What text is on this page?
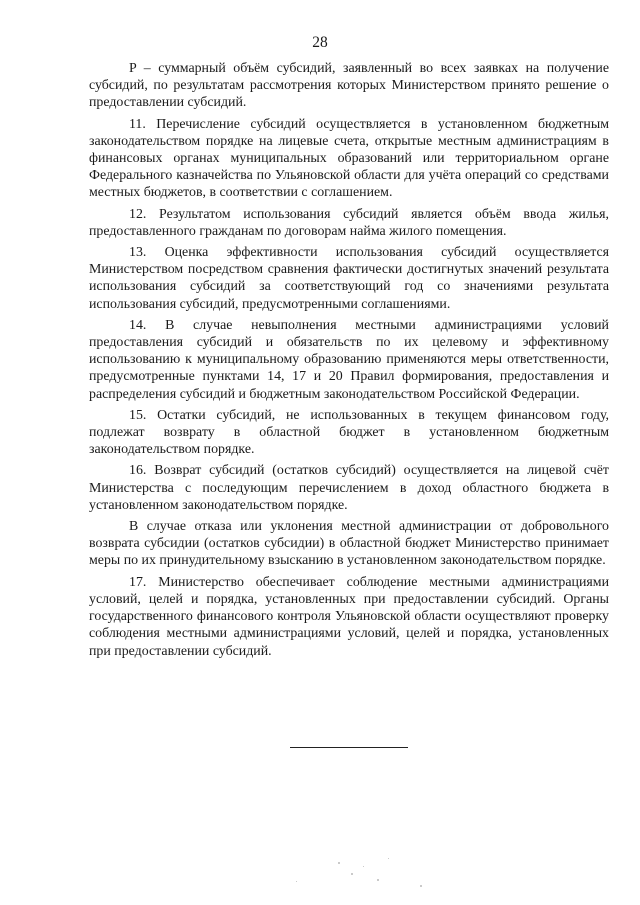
28

P – суммарный объём субсидий, заявленный во всех заявках на получение субсидий, по результатам рассмотрения которых Министерством принято решение о предоставлении субсидий.

11. Перечисление субсидий осуществляется в установленном бюджетным законодательством порядке на лицевые счета, открытые местным администрациям в финансовых органах муниципальных образований или территориальном органе Федерального казначейства по Ульяновской области для учёта операций со средствами местных бюджетов, в соответствии с соглашением.

12. Результатом использования субсидий является объём ввода жилья, предоставленного гражданам по договорам найма жилого помещения.

13. Оценка эффективности использования субсидий осуществляется Министерством посредством сравнения фактически достигнутых значений результата использования субсидий за соответствующий год со значениями результата использования субсидий, предусмотренными соглашениями.

14. В случае невыполнения местными администрациями условий предоставления субсидий и обязательств по их целевому и эффективному использованию к муниципальному образованию применяются меры ответственности, предусмотренные пунктами 14, 17 и 20 Правил формирования, предоставления и распределения субсидий и бюджетным законодательством Российской Федерации.

15. Остатки субсидий, не использованных в текущем финансовом году, подлежат возврату в областной бюджет в установленном бюджетным законодательством порядке.

16. Возврат субсидий (остатков субсидий) осуществляется на лицевой счёт Министерства с последующим перечислением в доход областного бюджета в установленном законодательством порядке.

В случае отказа или уклонения местной администрации от добровольного возврата субсидии (остатков субсидии) в областной бюджет Министерство принимает меры по их принудительному взысканию в установленном законодательством порядке.

17. Министерство обеспечивает соблюдение местными администрациями условий, целей и порядка, установленных при предоставлении субсидий. Органы государственного финансового контроля Ульяновской области осуществляют проверку соблюдения местными администрациями условий, целей и порядка, установленных при предоставлении субсидий.
